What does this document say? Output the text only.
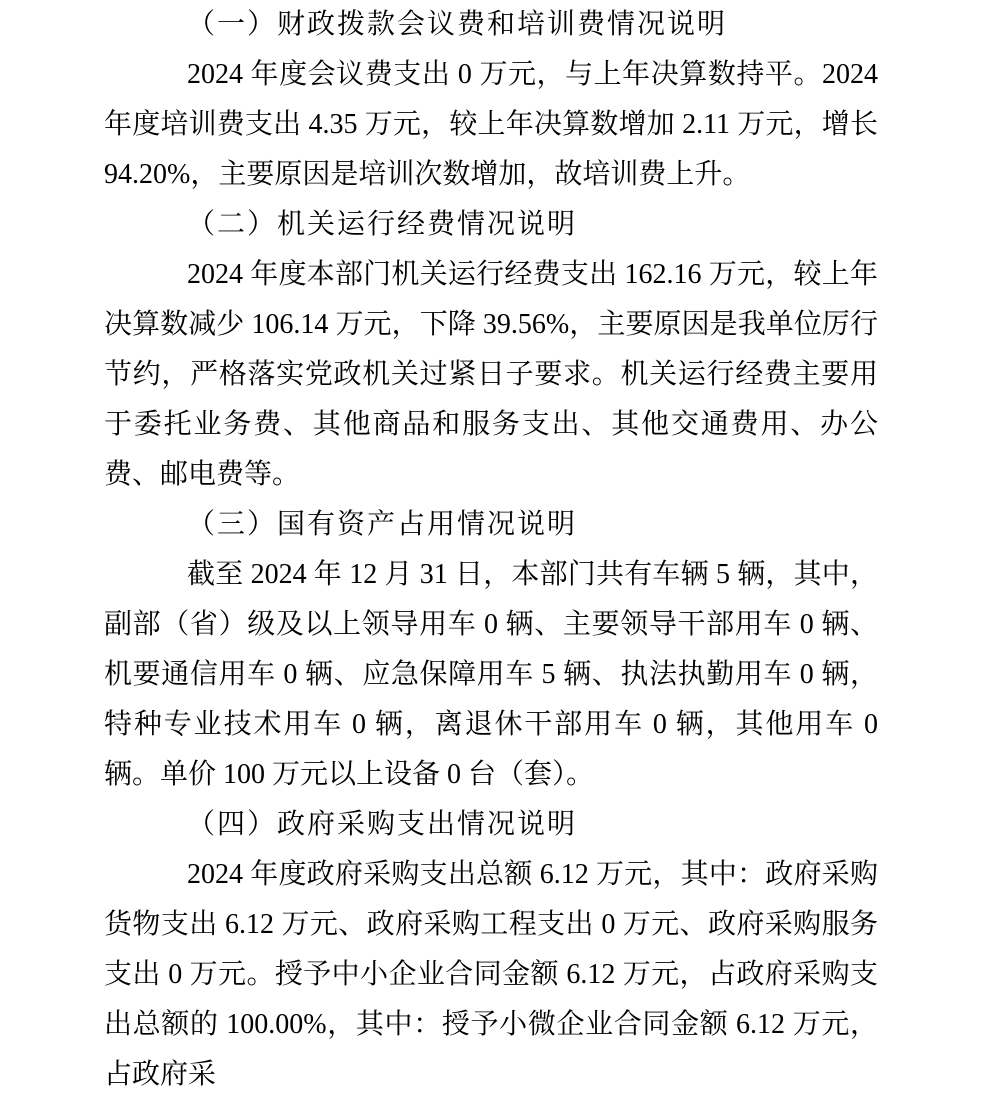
（一）财政拨款会议费和培训费情况说明

2024 年度会议费支出 0 万元，与上年决算数持平。2024 年度培训费支出 4.35 万元，较上年决算数增加 2.11 万元，增长 94.20%，主要原因是培训次数增加，故培训费上升。

（二）机关运行经费情况说明

2024 年度本部门机关运行经费支出 162.16 万元，较上年决算数减少 106.14 万元，下降 39.56%，主要原因是我单位厉行节约，严格落实党政机关过紧日子要求。机关运行经费主要用于委托业务费、其他商品和服务支出、其他交通费用、办公费、邮电费等。

（三）国有资产占用情况说明

截至 2024 年 12 月 31 日，本部门共有车辆 5 辆，其中，副部（省）级及以上领导用车 0 辆、主要领导干部用车 0 辆、机要通信用车 0 辆、应急保障用车 5 辆、执法执勤用车 0 辆，特种专业技术用车 0 辆，离退休干部用车 0 辆，其他用车 0 辆。单价 100 万元以上设备 0 台（套）。

（四）政府采购支出情况说明

2024 年度政府采购支出总额 6.12 万元，其中：政府采购货物支出 6.12 万元、政府采购工程支出 0 万元、政府采购服务支出 0 万元。授予中小企业合同金额 6.12 万元，占政府采购支出总额的 100.00%，其中：授予小微企业合同金额 6.12 万元，占政府采
